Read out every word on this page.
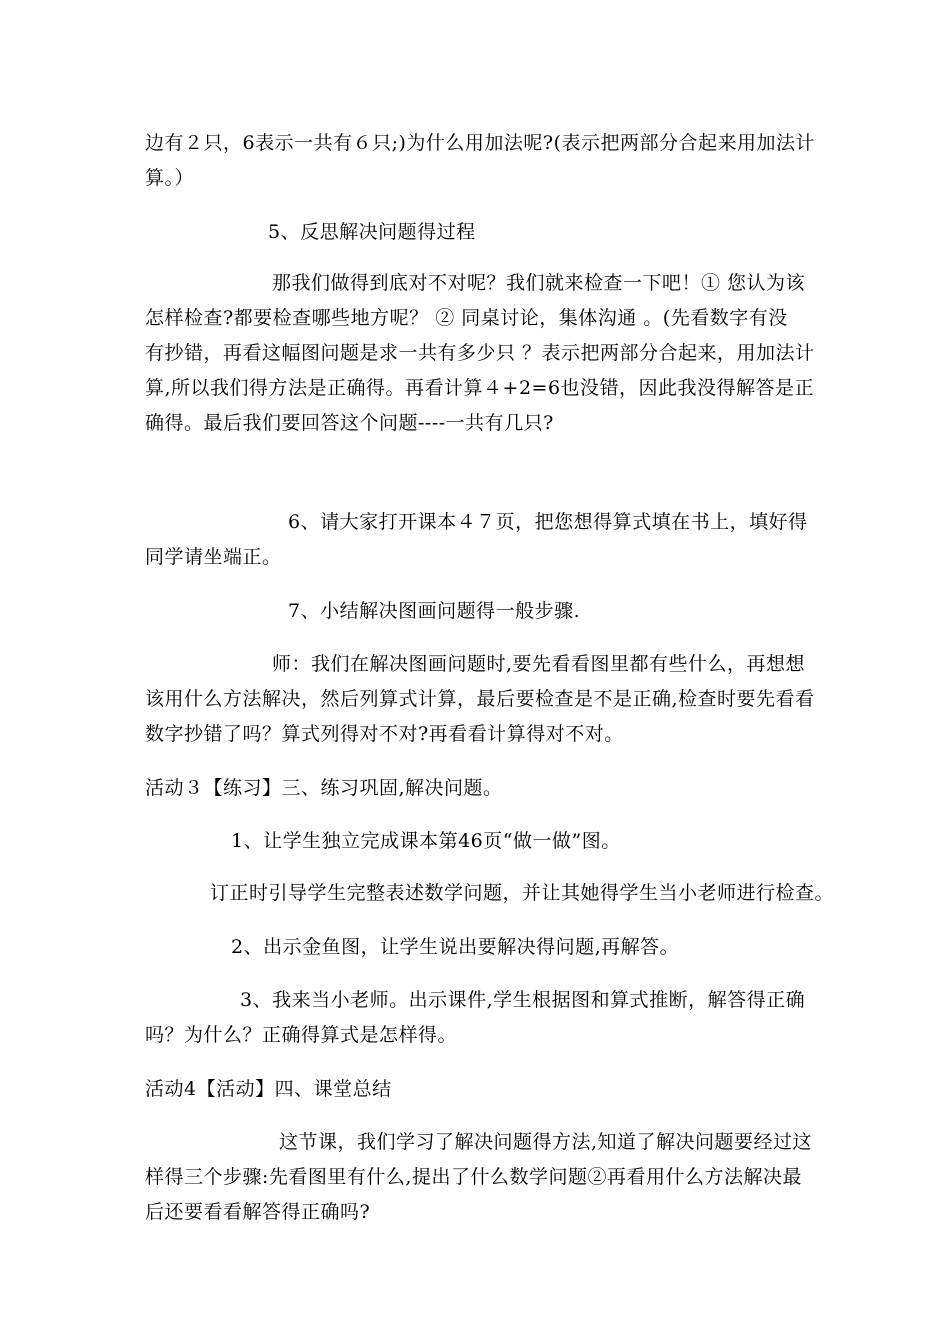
边有２只，6表示一共有６只;)为什么用加法呢?(表示把两部分合起来用加法计
算。）
5、反思解决问题得过程
那我们做得到底对不对呢？我们就来检查一下吧！① 您认为该
怎样检查?都要检查哪些地方呢？ ② 同桌讨论，集体沟通 。(先看数字有没
有抄错，再看这幅图问题是求一共有多少只 ？表示把两部分合起来，用加法计
算,所以我们得方法是正确得。再看计算４+2=6也没错，因此我没得解答是正
确得。最后我们要回答这个问题----一共有几只?
6、请大家打开课本４７页，把您想得算式填在书上，填好得
同学请坐端正。
7、小结解决图画问题得一般步骤.
师：我们在解决图画问题时,要先看看图里都有些什么，再想想
该用什么方法解决，然后列算式计算，最后要检查是不是正确,检查时要先看看
数字抄错了吗？算式列得对不对?再看看计算得对不对。
活动３【练习】三、练习巩固,解决问题。
1、让学生独立完成课本第46页“做一做”图。
订正时引导学生完整表述数学问题，并让其她得学生当小老师进行检查。
2、出示金鱼图，让学生说出要解决得问题,再解答。
3、我来当小老师。出示课件,学生根据图和算式推断，解答得正确
吗？为什么？正确得算式是怎样得。
活动4【活动】四、课堂总结
这节课，我们学习了解决问题得方法,知道了解决问题要经过这
样得三个步骤:先看图里有什么,提出了什么数学问题②再看用什么方法解决最
后还要看看解答得正确吗?
